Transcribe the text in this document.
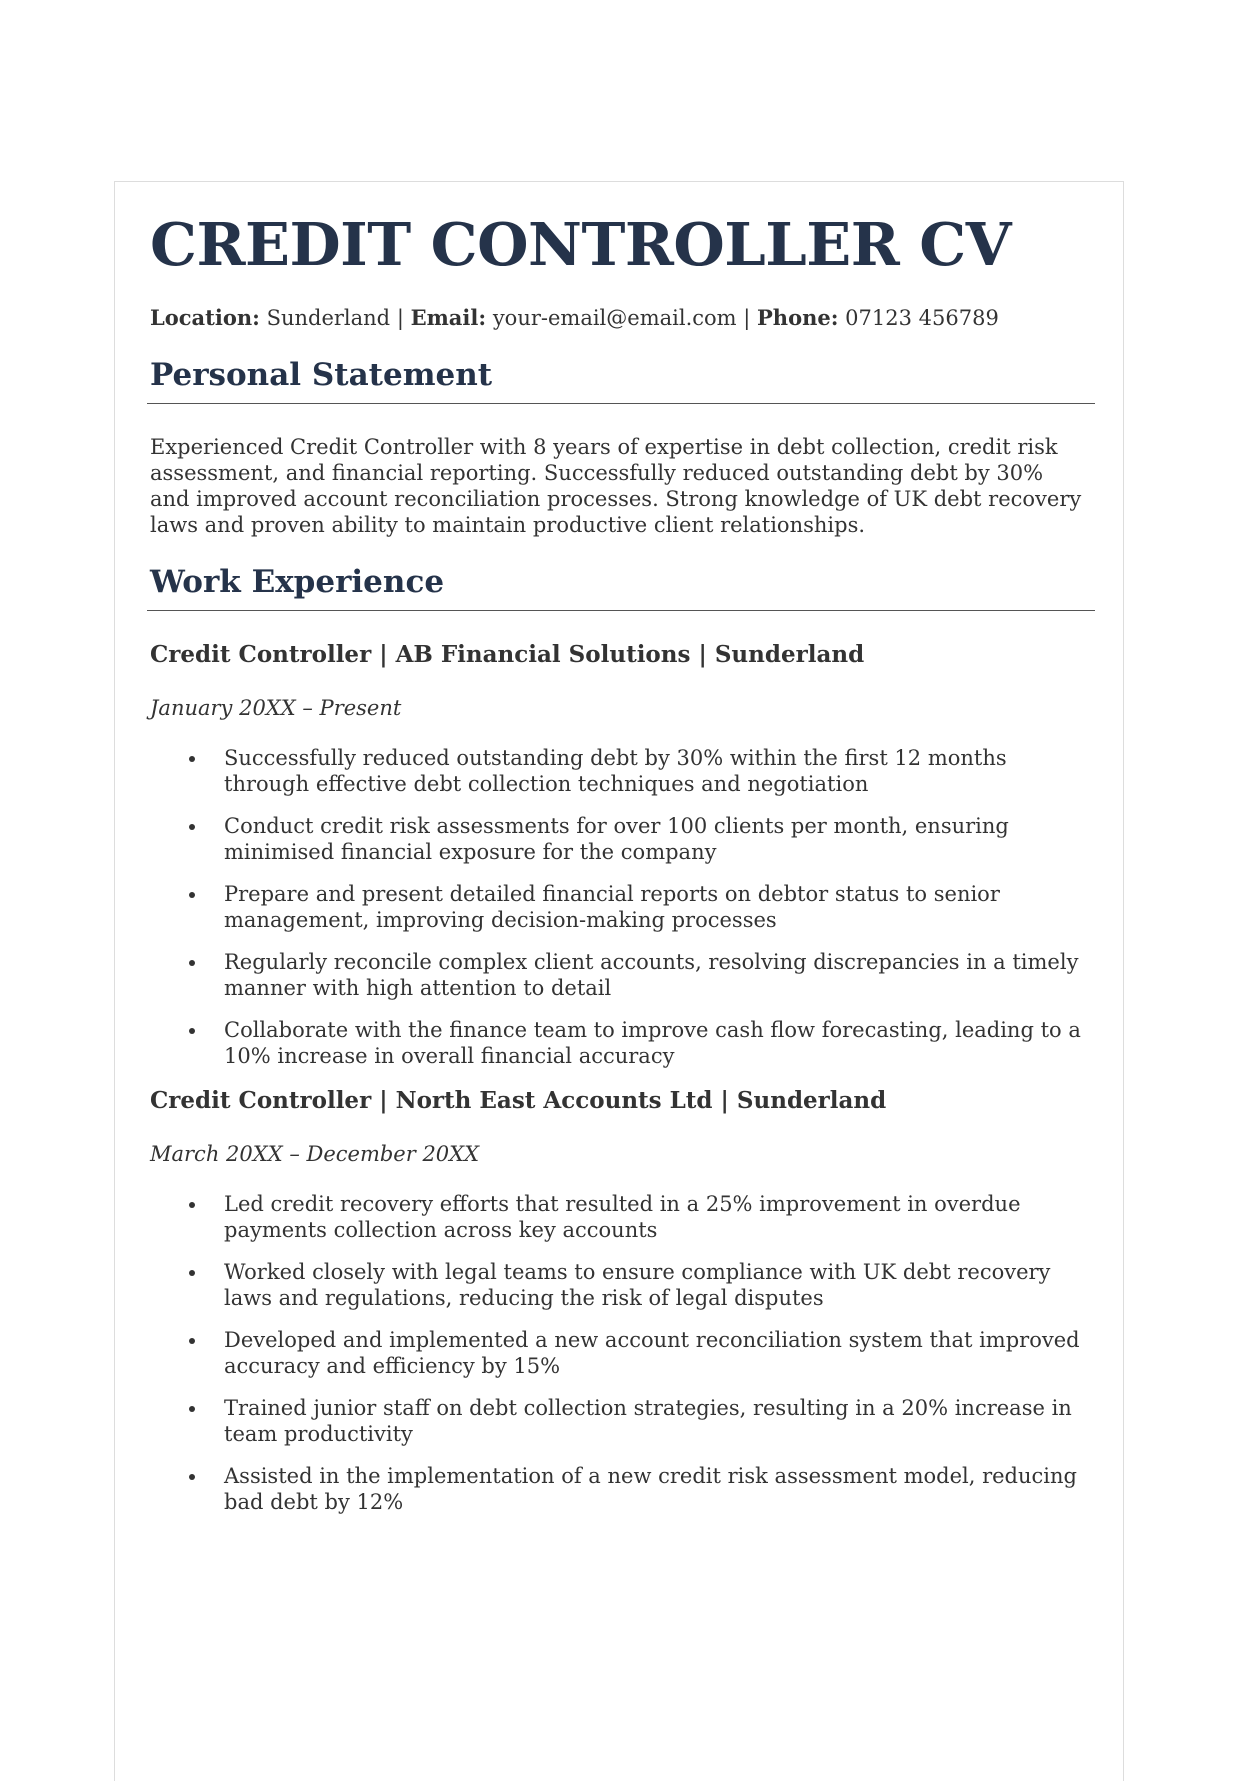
CREDIT CONTROLLER CV

Location: Sunderland | Email: your-email@email.com | Phone: 07123 456789

Personal Statement

Experienced Credit Controller with 8 years of expertise in debt collection, credit risk assessment, and financial reporting. Successfully reduced outstanding debt by 30% and improved account reconciliation processes. Strong knowledge of UK debt recovery laws and proven ability to maintain productive client relationships.

Work Experience
Credit Controller | AB Financial Solutions | Sunderland

January 20XX – Present

Successfully reduced outstanding debt by 30% within the first 12 months through effective debt collection techniques and negotiation
Conduct credit risk assessments for over 100 clients per month, ensuring minimised financial exposure for the company
Prepare and present detailed financial reports on debtor status to senior management, improving decision-making processes
Regularly reconcile complex client accounts, resolving discrepancies in a timely manner with high attention to detail
Collaborate with the finance team to improve cash flow forecasting, leading to a 10% increase in overall financial accuracy
Credit Controller | North East Accounts Ltd | Sunderland

March 20XX – December 20XX

Led credit recovery efforts that resulted in a 25% improvement in overdue payments collection across key accounts
Worked closely with legal teams to ensure compliance with UK debt recovery laws and regulations, reducing the risk of legal disputes
Developed and implemented a new account reconciliation system that improved accuracy and efficiency by 15%
Trained junior staff on debt collection strategies, resulting in a 20% increase in team productivity
Assisted in the implementation of a new credit risk assessment model, reducing bad debt by 12%
